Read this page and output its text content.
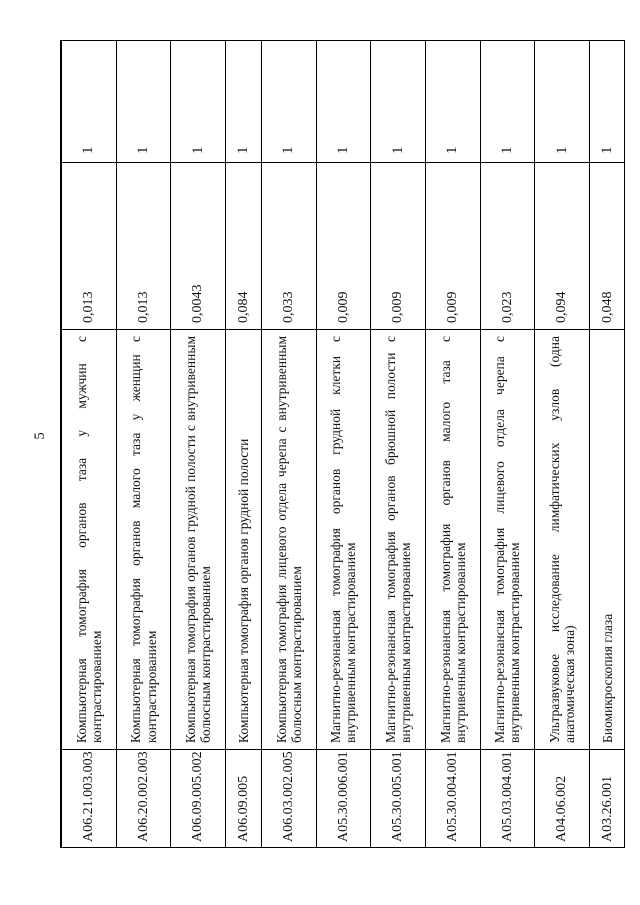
5
A06.21.003.003	Компьютерная томография органов таза у мужчин с контрастированием	0,013	1
A06.20.002.003	Компьютерная томография органов малого таза у женщин с контрастированием	0,013	1
A06.09.005.002	Компьютерная томография органов грудной полости с внутривенным болюсным контрастированием	0,0043	1
A06.09.005	Компьютерная томография органов грудной полости	0,084	1
A06.03.002.005	Компьютерная томография лицевого отдела черепа с внутривенным болюсным контрастированием	0,033	1
A05.30.006.001	Магнитно-резонансная томография органов грудной клетки с внутривенным контрастированием	0,009	1
A05.30.005.001	Магнитно-резонансная томография органов брюшной полости с внутривенным контрастированием	0,009	1
A05.30.004.001	Магнитно-резонансная томография органов малого таза с внутривенным контрастированием	0,009	1
A05.03.004.001	Магнитно-резонансная томография лицевого отдела черепа с внутривенным контрастированием	0,023	1
A04.06.002	Ультразвуковое исследование лимфатических узлов (одна анатомическая зона)	0,094	1
A03.26.001	Биомикроскопия глаза	0,048	1
